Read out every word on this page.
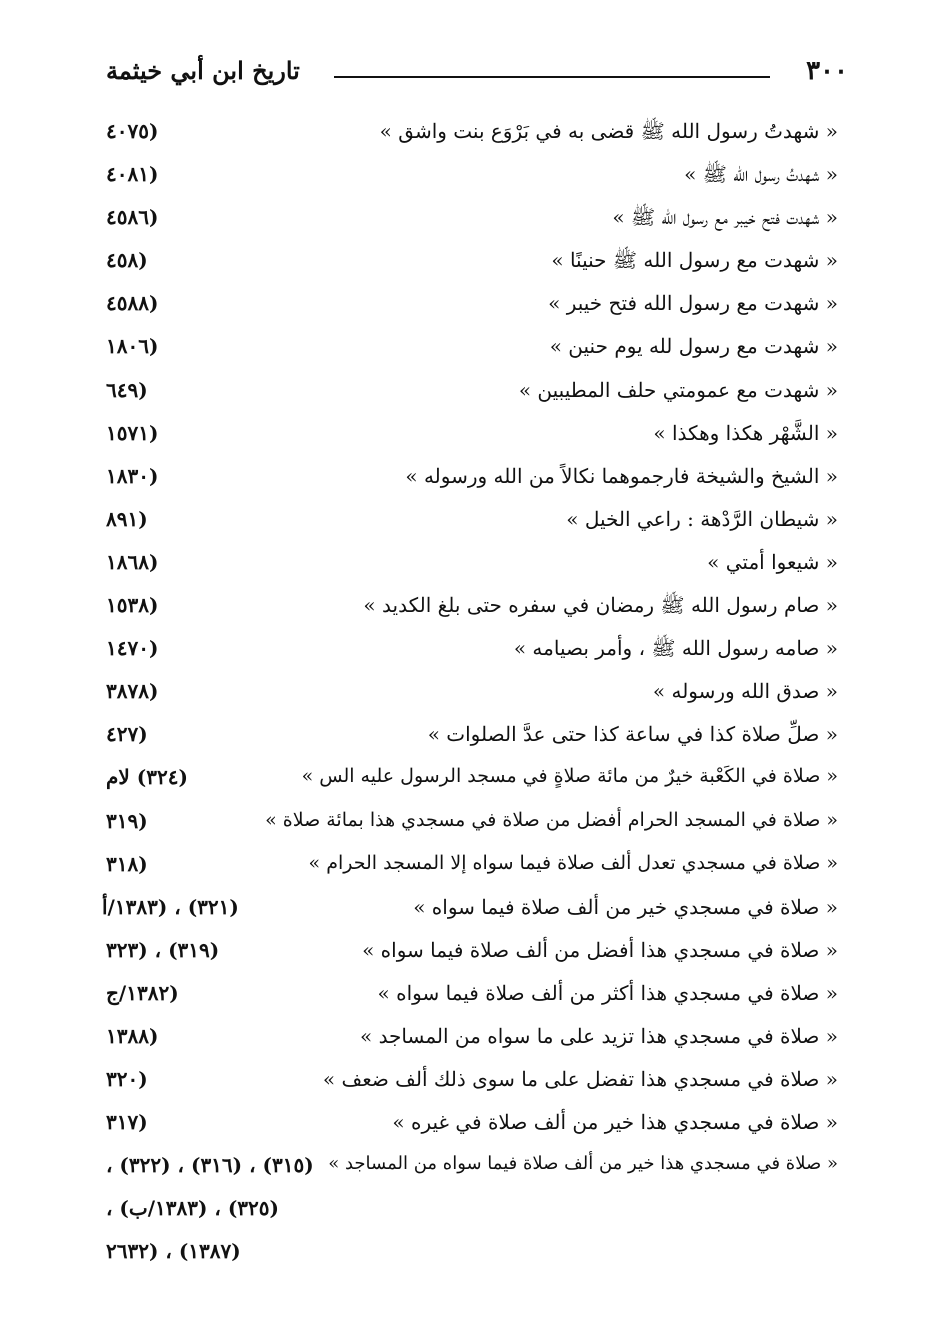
٣٠٠
تاريخ ابن أبي خيثمة
« شهدتُ رسول الله ﷺ قضى به في بَرْوَع بنت واشق »
(٤٠٧٥
« شهدتُ رسول الله ﷺ »
(٤٠٨١
« شهدت فتح خيبر مع رسول الله ﷺ »
(٤٥٨٦
« شهدت مع رسول الله ﷺ حنينًا »
(٤٥٨
« شهدت مع رسول الله فتح خيبر »
(٤٥٨٨
« شهدت مع رسول لله يوم حنين »
(١٨٠٦
« شهدت مع عمومتي حلف المطيبين »
(٦٤٩
« الشَّهْر هكذا وهكذا »
(١٥٧١
« الشيخ والشيخة فارجموهما نكالاً من الله ورسوله »
(١٨٣٠
« شيطان الرَّدْهة : راعي الخيل »
(٨٩١
« شيعوا أمتي »
(١٨٦٨
« صام رسول الله ﷺ رمضان في سفره حتى بلغ الكديد »
(١٥٣٨
« صامه رسول الله ﷺ ، وأمر بصيامه »
(١٤٧٠
« صدق الله ورسوله »
(٣٨٧٨
« صلِّ صلاة كذا في ساعة كذا حتى عدَّ الصلوات »
(٤٢٧
« صلاة في الكَعْبة خيرٌ من مائة صلاةٍ في مسجد الرسول عليه الس »
(٣٢٤) لام
« صلاة في المسجد الحرام أفضل من صلاة في مسجدي هذا بمائة صلاة »
(٣١٩
« صلاة في مسجدي تعدل ألف صلاة فيما سواه إلا المسجد الحرام »
(٣١٨
« صلاة في مسجدي خير من ألف صلاة فيما سواه »
(٣٢١) ، (١٣٨٣/أ
« صلاة في مسجدي هذا أفضل من ألف صلاة فيما سواه »
(٣١٩) ، (٣٢٣
« صلاة في مسجدي هذا أكثر من ألف صلاة فيما سواه »
(١٣٨٢/ج
« صلاة في مسجدي هذا تزيد على ما سواه من المساجد »
(١٣٨٨
« صلاة في مسجدي هذا تفضل على ما سوى ذلك ألف ضعف »
(٣٢٠
« صلاة في مسجدي هذا خير من ألف صلاة في غيره »
(٣١٧
« صلاة في مسجدي هذا خير من ألف صلاة فيما سواه من المساجد »
(٣١٥) ، (٣١٦) ، (٣٢٢) ،
(٣٢٥) ، (١٣٨٣/ب) ،
(١٣٨٧) ، (٢٦٣٢
